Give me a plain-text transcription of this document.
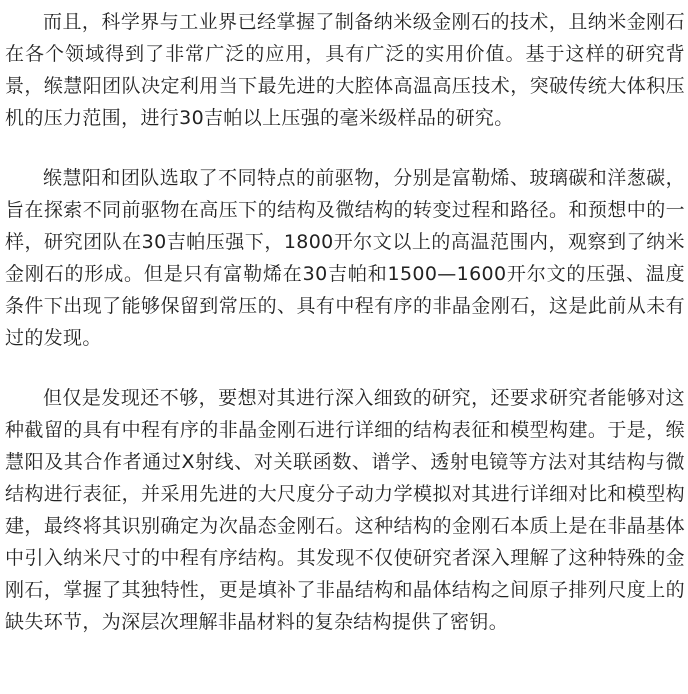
而且，科学界与工业界已经掌握了制备纳米级金刚石的技术，且纳米金刚石在各个领域得到了非常广泛的应用，具有广泛的实用价值。基于这样的研究背景，缑慧阳团队决定利用当下最先进的大腔体高温高压技术，突破传统大体积压机的压力范围，进行30吉帕以上压强的毫米级样品的研究。

缑慧阳和团队选取了不同特点的前驱物，分别是富勒烯、玻璃碳和洋葱碳，旨在探索不同前驱物在高压下的结构及微结构的转变过程和路径。和预想中的一样，研究团队在30吉帕压强下，1800开尔文以上的高温范围内，观察到了纳米金刚石的形成。但是只有富勒烯在30吉帕和1500—1600开尔文的压强、温度条件下出现了能够保留到常压的、具有中程有序的非晶金刚石，这是此前从未有过的发现。

但仅是发现还不够，要想对其进行深入细致的研究，还要求研究者能够对这种截留的具有中程有序的非晶金刚石进行详细的结构表征和模型构建。于是，缑慧阳及其合作者通过X射线、对关联函数、谱学、透射电镜等方法对其结构与微结构进行表征，并采用先进的大尺度分子动力学模拟对其进行详细对比和模型构建，最终将其识别确定为次晶态金刚石。这种结构的金刚石本质上是在非晶基体中引入纳米尺寸的中程有序结构。其发现不仅使研究者深入理解了这种特殊的金刚石，掌握了其独特性，更是填补了非晶结构和晶体结构之间原子排列尺度上的缺失环节，为深层次理解非晶材料的复杂结构提供了密钥。
